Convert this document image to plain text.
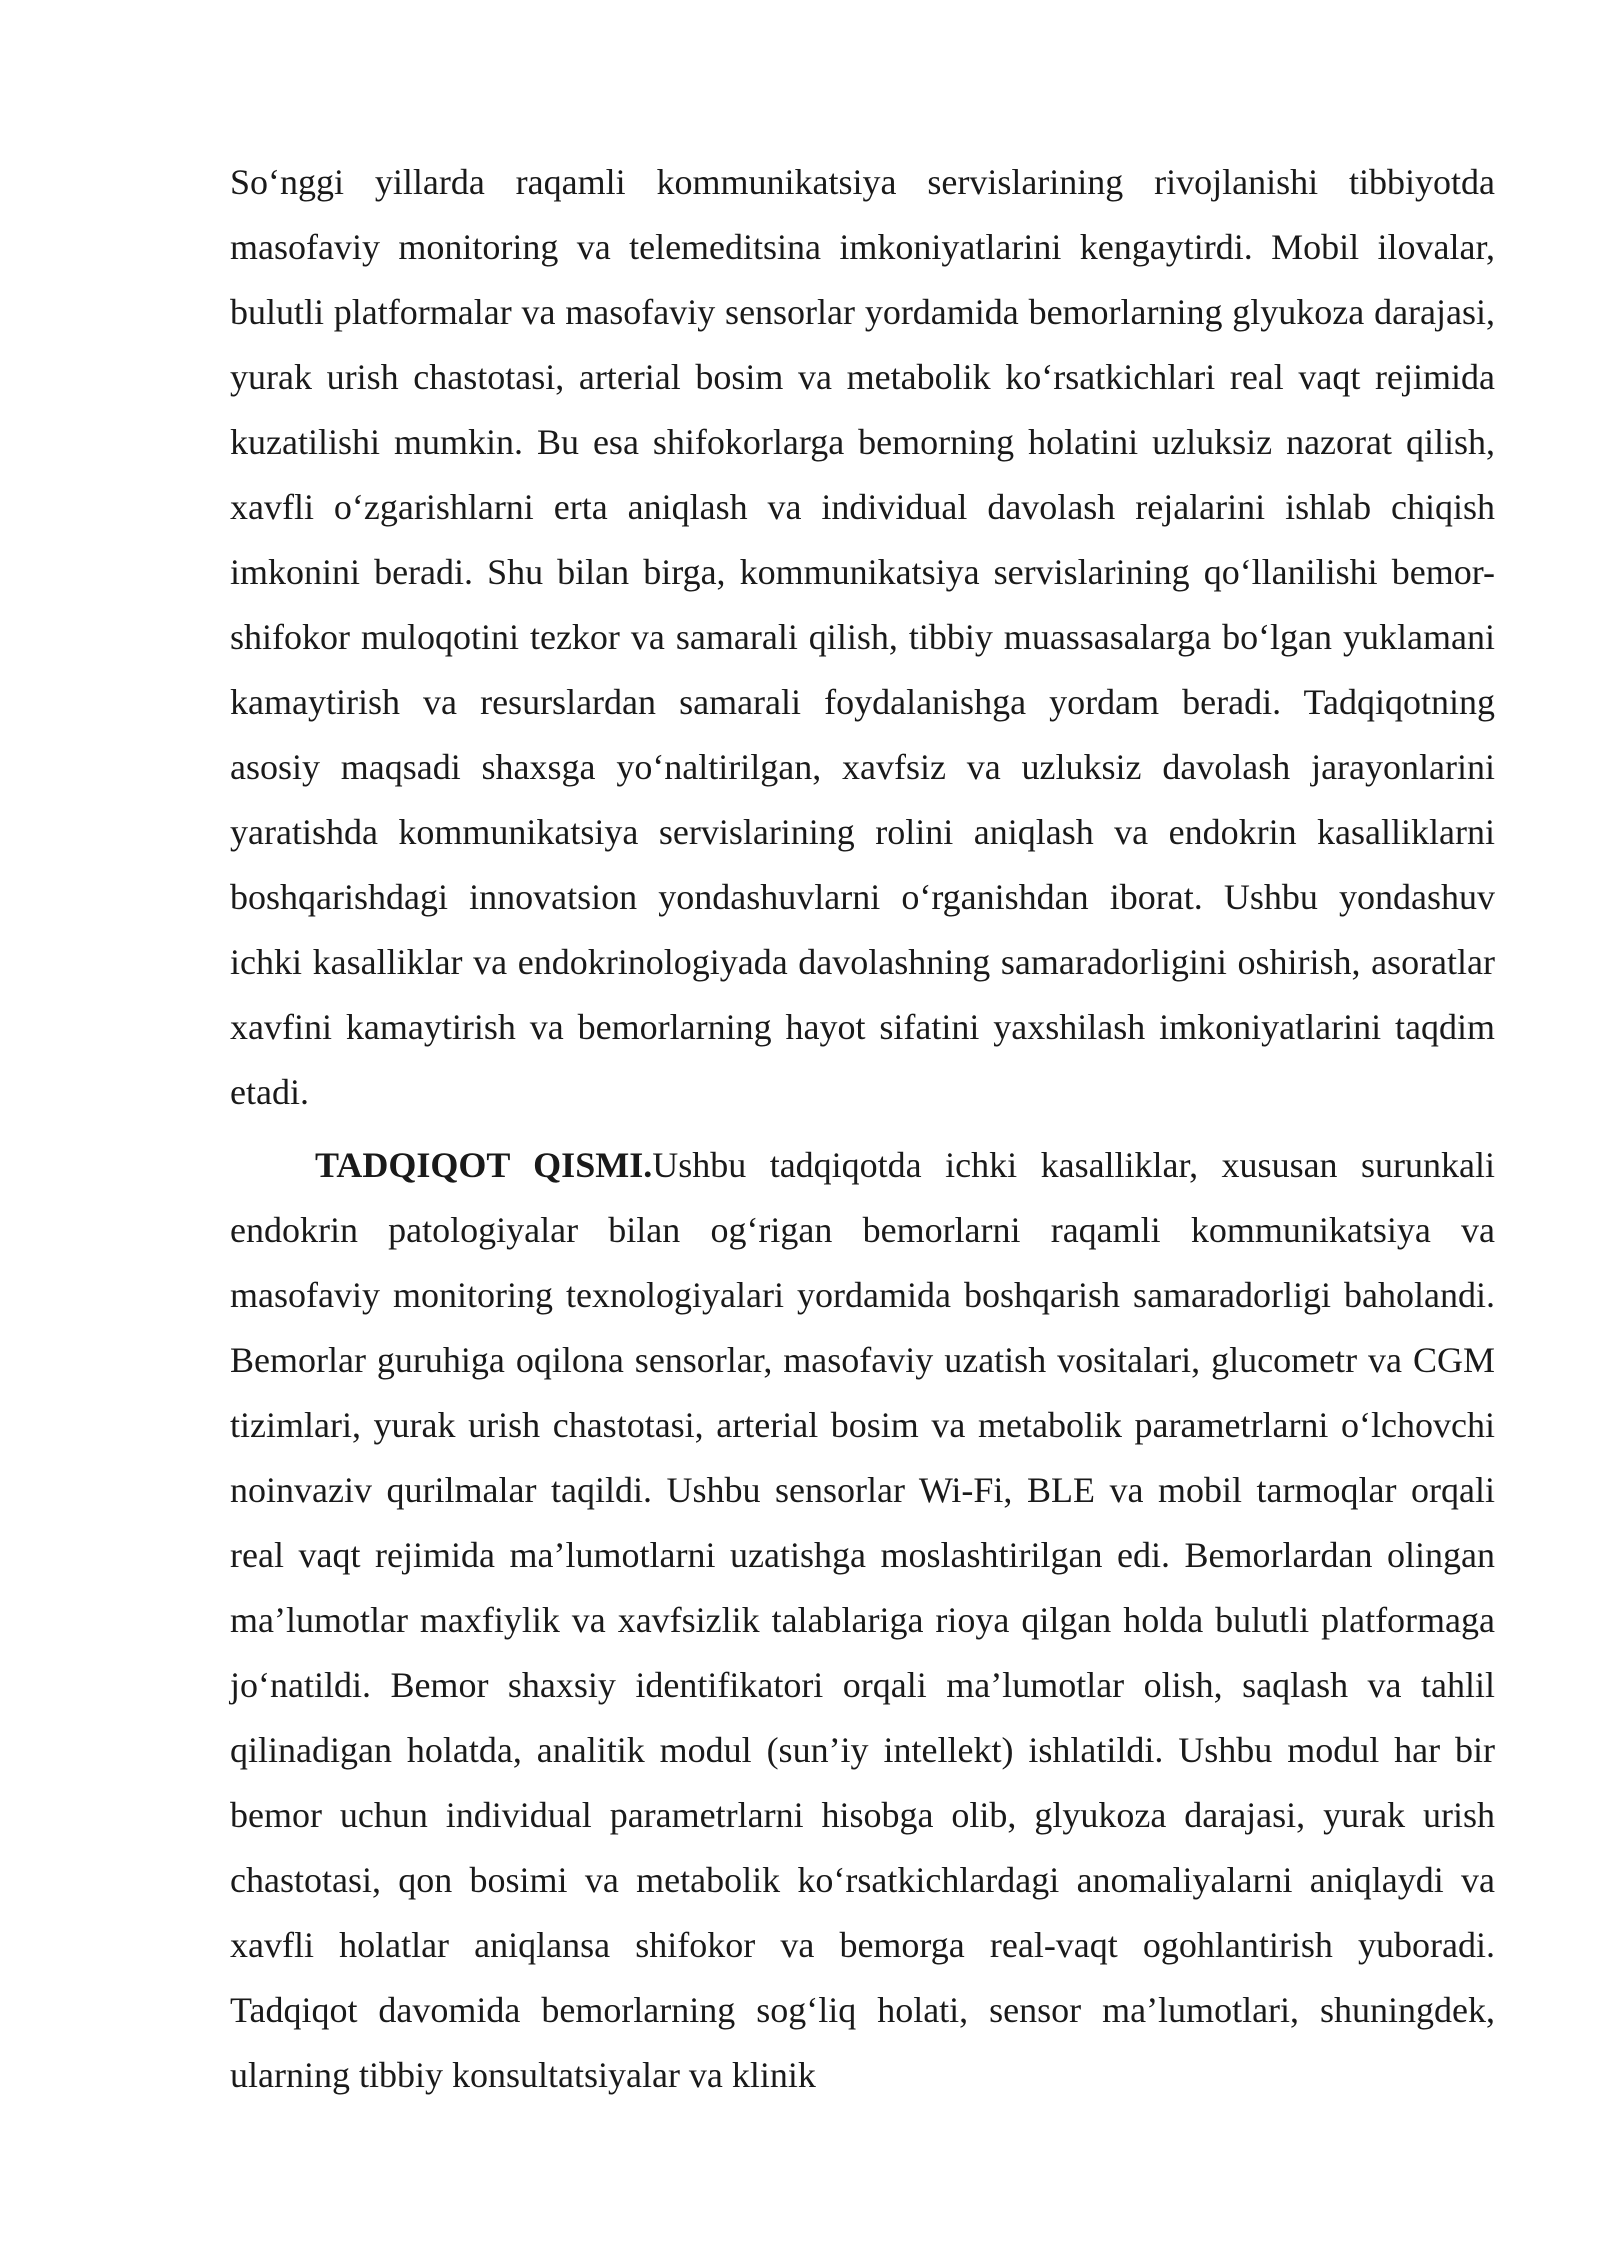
So‘nggi yillarda raqamli kommunikatsiya servislarining rivojlanishi tibbiyotda masofaviy monitoring va telemeditsina imkoniyatlarini kengaytirdi. Mobil ilovalar, bulutli platformalar va masofaviy sensorlar yordamida bemorlarning glyukoza darajasi, yurak urish chastotasi, arterial bosim va metabolik ko‘rsatkichlari real vaqt rejimida kuzatilishi mumkin. Bu esa shifokorlarga bemorning holatini uzluksiz nazorat qilish, xavfli o‘zgarishlarni erta aniqlash va individual davolash rejalarini ishlab chiqish imkonini beradi. Shu bilan birga, kommunikatsiya servislarining qo‘llanilishi bemor-shifokor muloqotini tezkor va samarali qilish, tibbiy muassasalarga bo‘lgan yuklamani kamaytirish va resurslardan samarali foydalanishga yordam beradi. Tadqiqotning asosiy maqsadi shaxsga yo‘naltirilgan, xavfsiz va uzluksiz davolash jarayonlarini yaratishda kommunikatsiya servislarining rolini aniqlash va endokrin kasalliklarni boshqarishdagi innovatsion yondashuvlarni o‘rganishdan iborat. Ushbu yondashuv ichki kasalliklar va endokrinologiyada davolashning samaradorligini oshirish, asoratlar xavfini kamaytirish va bemorlarning hayot sifatini yaxshilash imkoniyatlarini taqdim etadi.

TADQIQOT QISMI.Ushbu tadqiqotda ichki kasalliklar, xususan surunkali endokrin patologiyalar bilan og‘rigan bemorlarni raqamli kommunikatsiya va masofaviy monitoring texnologiyalari yordamida boshqarish samaradorligi baholandi. Bemorlar guruhiga oqilona sensorlar, masofaviy uzatish vositalari, glucometr va CGM tizimlari, yurak urish chastotasi, arterial bosim va metabolik parametrlarni o‘lchovchi noinvaziv qurilmalar taqildi. Ushbu sensorlar Wi-Fi, BLE va mobil tarmoqlar orqali real vaqt rejimida ma’lumotlarni uzatishga moslashtirilgan edi. Bemorlardan olingan ma’lumotlar maxfiylik va xavfsizlik talablariga rioya qilgan holda bulutli platformaga jo‘natildi. Bemor shaxsiy identifikatori orqali ma’lumotlar olish, saqlash va tahlil qilinadigan holatda, analitik modul (sun’iy intellekt) ishlatildi. Ushbu modul har bir bemor uchun individual parametrlarni hisobga olib, glyukoza darajasi, yurak urish chastotasi, qon bosimi va metabolik ko‘rsatkichlardagi anomaliyalarni aniqlaydi va xavfli holatlar aniqlansa shifokor va bemorga real-vaqt ogohlantirish yuboradi. Tadqiqot davomida bemorlarning sog‘liq holati, sensor ma’lumotlari, shuningdek, ularning tibbiy konsultatsiyalar va klinik
